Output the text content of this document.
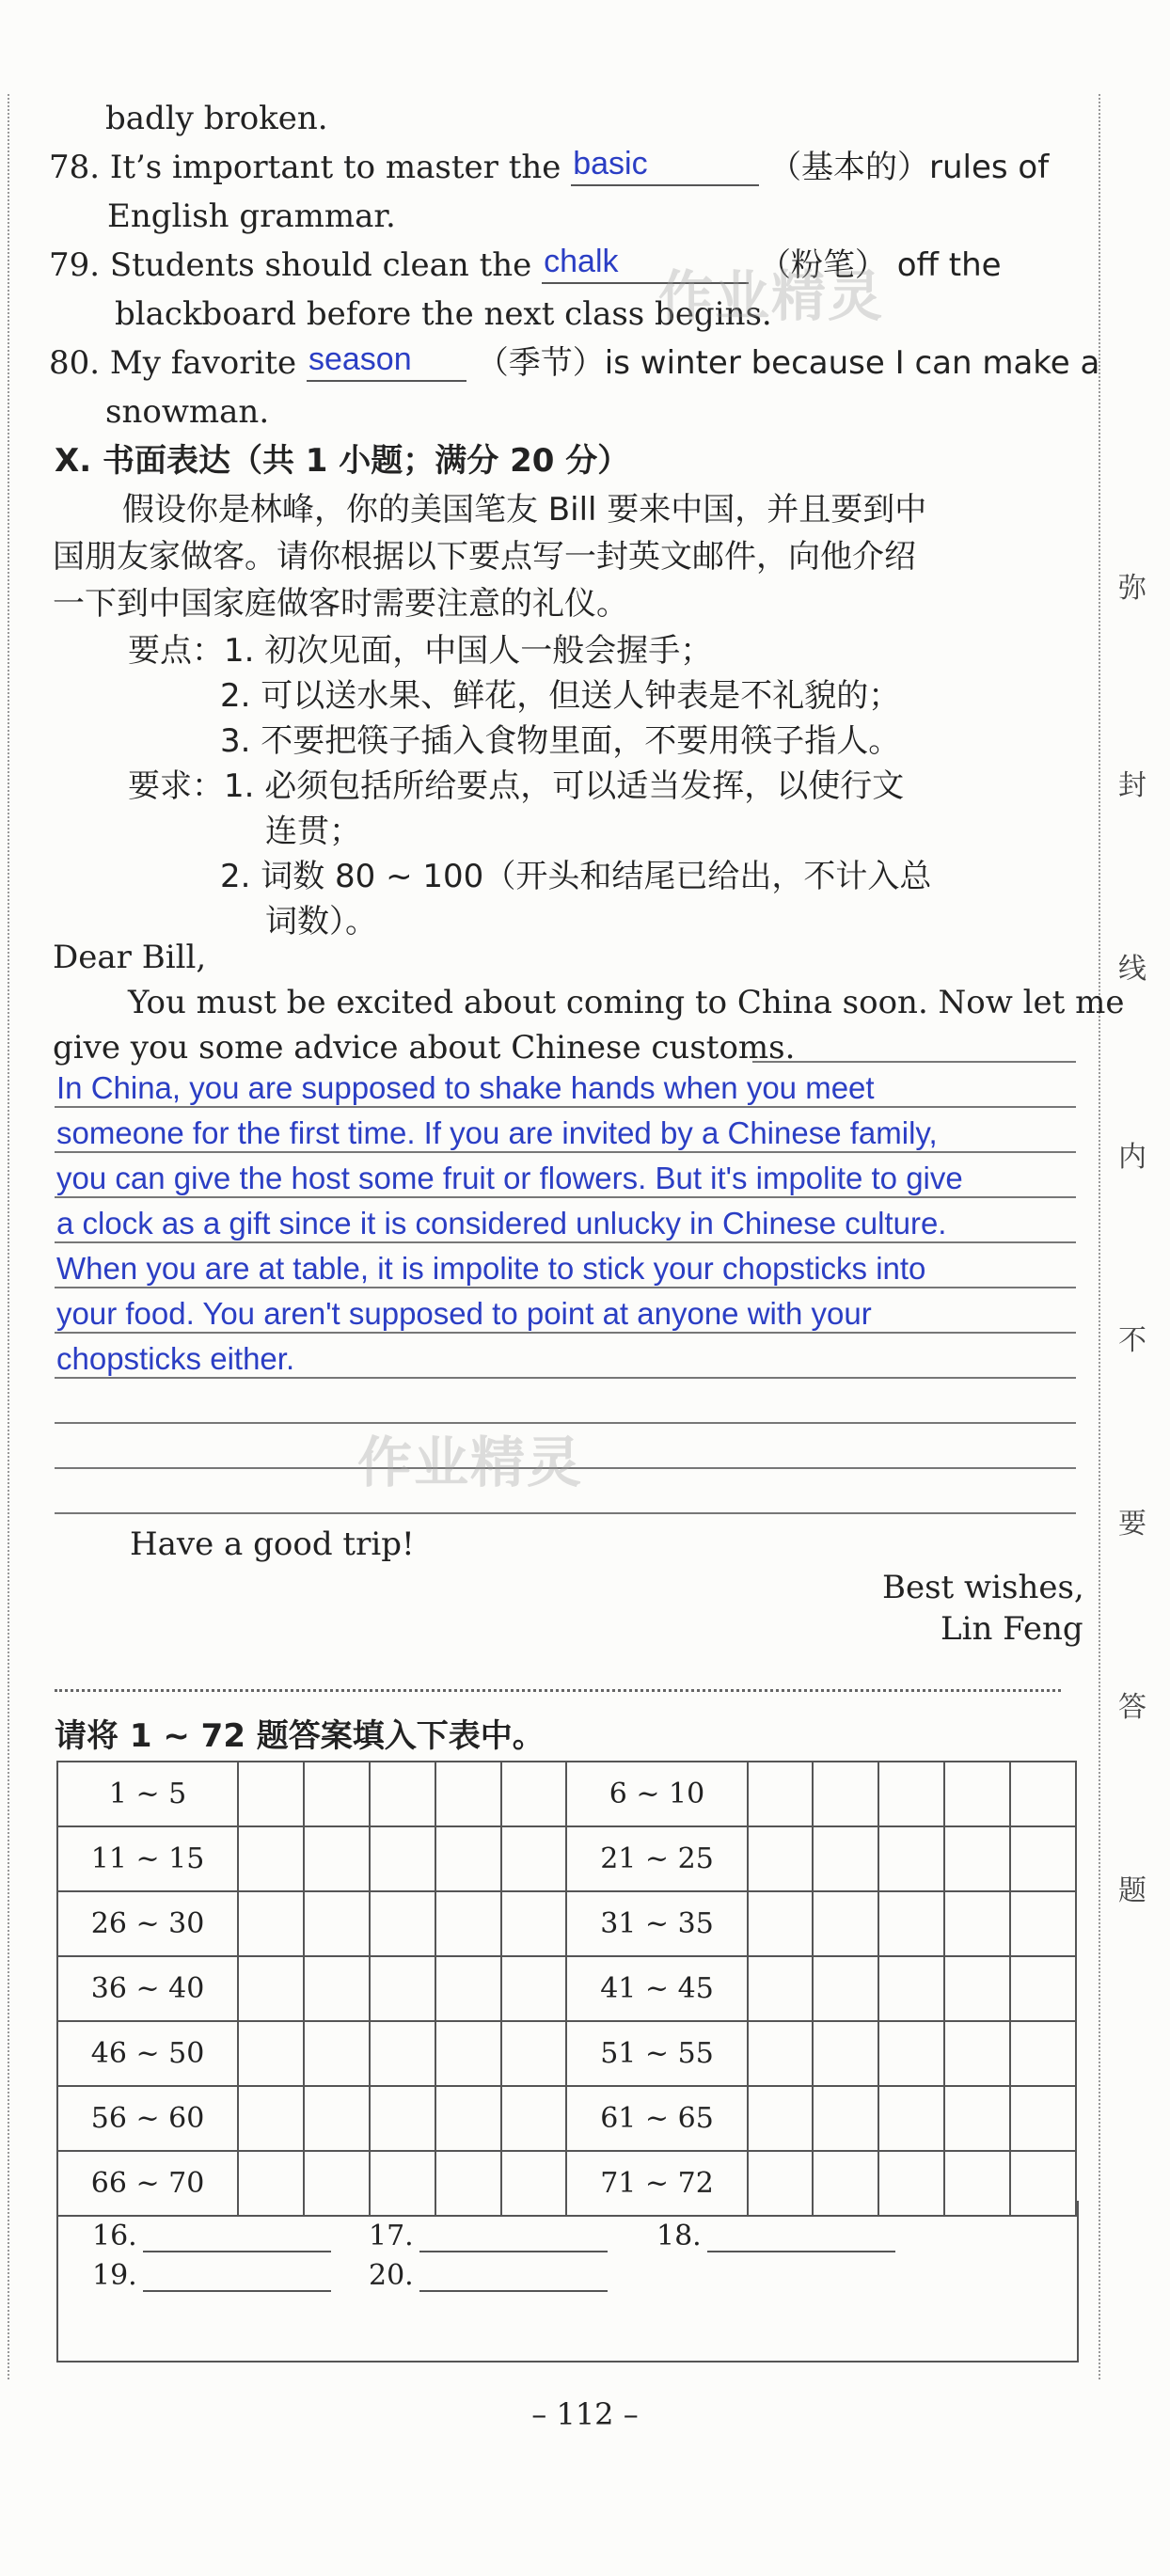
弥
封
线
内
不
要
答
题
badly broken.
78. It’s important to master the basic	（基本的）rules of
English grammar.
79. Students should clean the chalk	（粉笔） off the
blackboard before the next class begins.
80. My favorite season （季节）is winter because I can make a
snowman.
作业精灵
X. 书面表达（共 1 小题；满分 20 分）
假设你是林峰，你的美国笔友 Bill 要来中国，并且要到中
国朋友家做客。请你根据以下要点写一封英文邮件，向他介绍
一下到中国家庭做客时需要注意的礼仪。
要点：1. 初次见面，中国人一般会握手；
2. 可以送水果、鲜花，但送人钟表是不礼貌的；
3. 不要把筷子插入食物里面，不要用筷子指人。
要求：1. 必须包括所给要点，可以适当发挥，以使行文
连贯；
2. 词数 80 ~ 100（开头和结尾已给出，不计入总
词数）。
Dear Bill,
You must be excited about coming to China soon. Now let me
give you some advice about Chinese customs.
In China, you are supposed to shake hands when you meet
someone for the first time. If you are invited by a Chinese family,
you can give the host some fruit or flowers. But it's impolite to give
a clock as a gift since it is considered unlucky in Chinese culture.
When you are at table, it is impolite to stick your chopsticks into
your food. You aren't supposed to point at anyone with your
chopsticks either.
作业精灵
Have a good trip!
Best wishes,
Lin Feng
请将 1 ~ 72 题答案填入下表中。
1 ~ 5						6 ~ 10					
11 ~ 15						21 ~ 25					
26 ~ 30						31 ~ 35					
36 ~ 40						41 ~ 45					
46 ~ 50						51 ~ 55					
56 ~ 60						61 ~ 65					
66 ~ 70						71 ~ 72					
16.	17.	18.
19.	20.
– 112 –
